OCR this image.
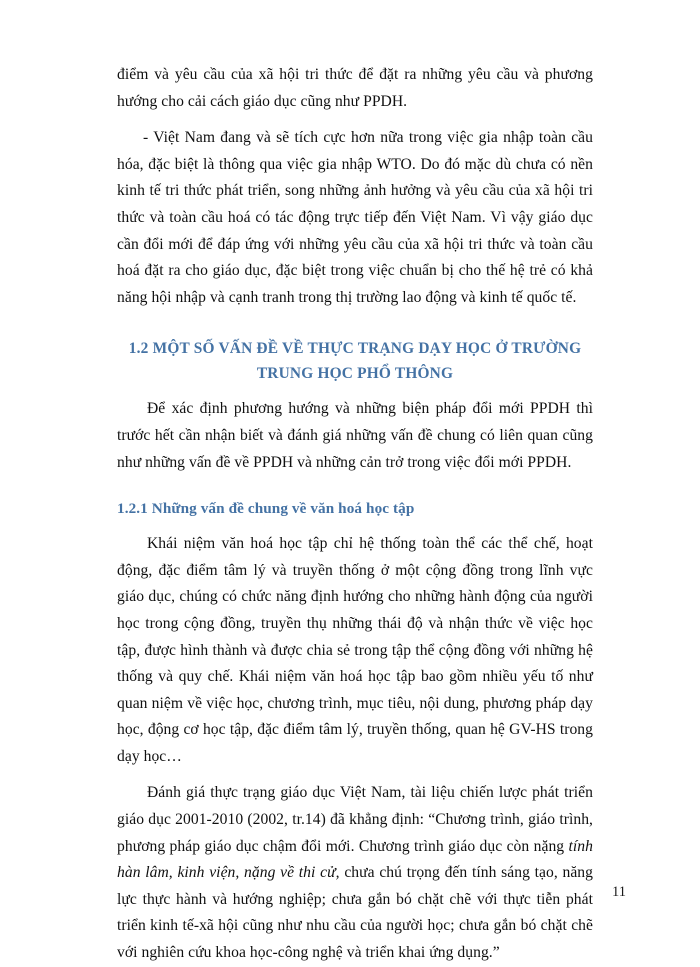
điểm và yêu cầu của xã hội tri thức để đặt ra những yêu cầu và phương hướng cho cải cách giáo dục cũng như PPDH.

- Việt Nam đang và sẽ tích cực hơn nữa trong việc gia nhập toàn cầu hóa, đặc biệt là thông qua việc gia nhập WTO. Do đó mặc dù chưa có nền kinh tế tri thức phát triển, song những ảnh hưởng và yêu cầu của xã hội tri thức và toàn cầu hoá có tác động trực tiếp đến Việt Nam. Vì vậy giáo dục cần đổi mới để đáp ứng với những yêu cầu của xã hội tri thức và toàn cầu hoá đặt ra cho giáo dục, đặc biệt trong việc chuẩn bị cho thế hệ trẻ có khả năng hội nhập và cạnh tranh trong thị trường lao động và kinh tế quốc tế.

1.2 MỘT SỐ VẤN ĐỀ VỀ THỰC TRẠNG DẠY HỌC Ở TRƯỜNG TRUNG HỌC PHỔ THÔNG

Để xác định phương hướng và những biện pháp đổi mới PPDH thì trước hết cần nhận biết và đánh giá những vấn đề chung có liên quan cũng như những vấn đề về PPDH và những cản trở trong việc đổi mới PPDH.

1.2.1 Những vấn đề chung về văn hoá học tập

Khái niệm văn hoá học tập chỉ hệ thống toàn thể các thể chế, hoạt động, đặc điểm tâm lý và truyền thống ở một cộng đồng trong lĩnh vực giáo dục, chúng có chức năng định hướng cho những hành động của người học trong cộng đồng, truyền thụ những thái độ và nhận thức về việc học tập, được hình thành và được chia sẻ trong tập thể cộng đồng với những hệ thống và quy chế. Khái niệm văn hoá học tập bao gồm nhiều yếu tố như quan niệm về việc học, chương trình, mục tiêu, nội dung, phương pháp dạy học, động cơ học tập, đặc điểm tâm lý, truyền thống, quan hệ GV-HS trong dạy học…

Đánh giá thực trạng giáo dục Việt Nam, tài liệu chiến lược phát triển giáo dục 2001-2010 (2002, tr.14) đã khẳng định: “Chương trình, giáo trình, phương pháp giáo dục chậm đổi mới. Chương trình giáo dục còn nặng tính hàn lâm, kinh viện, nặng về thi cử, chưa chú trọng đến tính sáng tạo, năng lực thực hành và hướng nghiệp; chưa gắn bó chặt chẽ với thực tiễn phát triển kinh tế-xã hội cũng như nhu cầu của người học; chưa gắn bó chặt chẽ với nghiên cứu khoa học-công nghệ và triển khai ứng dụng.”

11
